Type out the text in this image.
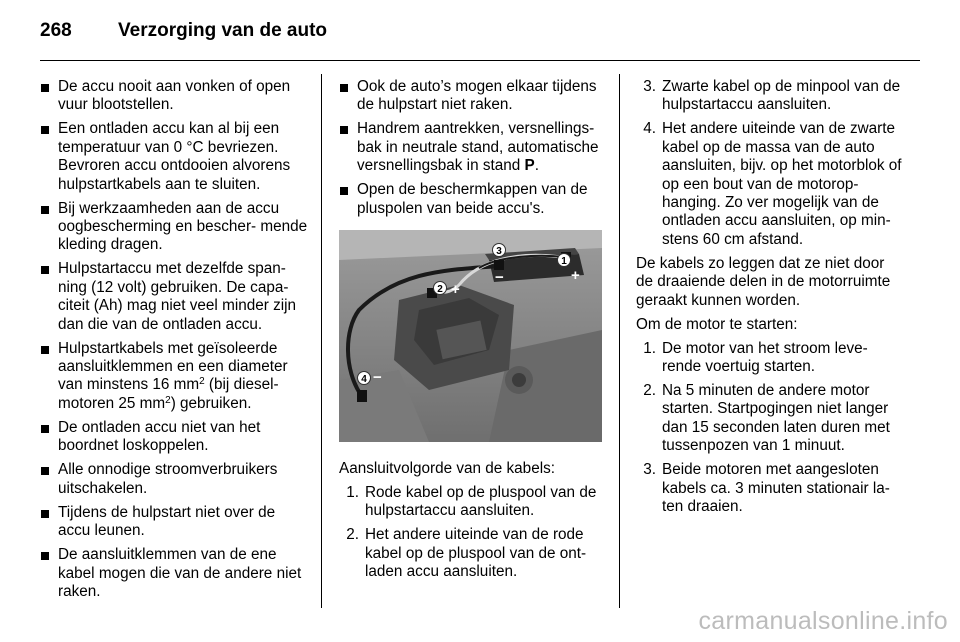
268 Verzorging van de auto
De accu nooit aan vonken of open vuur blootstellen.
Een ontladen accu kan al bij een temperatuur van 0 °C bevriezen. Bevroren accu ontdooien alvorens hulpstartkabels aan te sluiten.
Bij werkzaamheden aan de accu oogbescherming en bescher- mende kleding dragen.
Hulpstartaccu met dezelfde span- ning (12 volt) gebruiken. De capa- citeit (Ah) mag niet veel minder zijn dan die van de ontladen accu.
Hulpstartkabels met geïsoleerde aansluitklemmen en een diameter van minstens 16 $mm^2$ (bij diesel- motoren 25 $mm^2$) gebruiken.
De ontladen accu niet van het boordnet loskoppelen.
Alle onnodige stroomverbruikers uitschakelen.
Tijdens de hulpstart niet over de accu leunen.
De aansluitklemmen van de ene kabel mogen die van de andere niet raken.
Ook de auto’s mogen elkaar tijdens de hulpstart niet raken.
Handrem aantrekken, versnellings- bak in neutrale stand, automatische versnellingsbak in stand P.
Open de beschermkappen van de pluspolen van beide accu's.
3
1
2
4
+
+
−
−

Aansluitvolgorde van de kabels:

1. Rode kabel op de pluspool van de hulpstartaccu aansluiten.
2. Het andere uiteinde van de rode kabel op de pluspool van de ont- laden accu aansluiten.
3. Zwarte kabel op de minpool van de hulpstartaccu aansluiten.
4. Het andere uiteinde van de zwarte kabel op de massa van de auto aansluiten, bijv. op het motorblok of op een bout van de motorop- hanging. Zo ver mogelijk van de ontladen accu aansluiten, op min- stens 60 cm afstand.

De kabels zo leggen dat ze niet door de draaiende delen in de motorruimte geraakt kunnen worden.

Om de motor te starten:

1. De motor van het stroom leve- rende voertuig starten.
2. Na 5 minuten de andere motor starten. Startpogingen niet langer dan 15 seconden laten duren met tussenpozen van 1 minuut.
3. Beide motoren met aangesloten kabels ca. 3 minuten stationair la- ten draaien.
carmanualsonline.info
